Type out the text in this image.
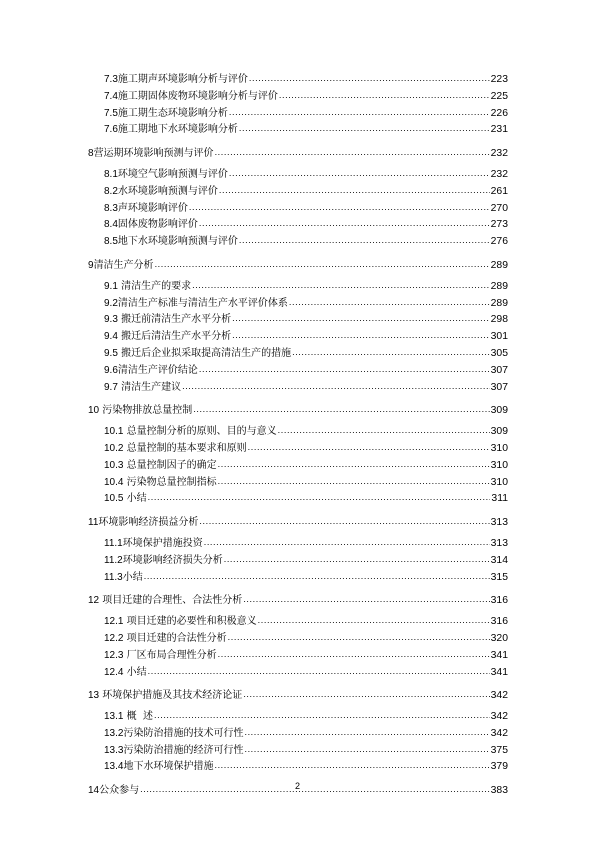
7.3 施工期声环境影响分析与评价 .....	223
7.4 施工期固体废物环境影响分析与评价 .....	225
7.5 施工期生态环境影响分析 .....	226
7.6 施工期地下水环境影响分析 .....	231
8 营运期环境影响预测与评价 .....	232
8.1 环境空气影响预测与评价 .....	232
8.2 水环境影响预测与评价 .....	261
8.3 声环境影响评价 .....	270
8.4 固体废物影响评价 .....	273
8.5 地下水环境影响预测与评价 .....	276
9 清洁生产分析 .....	289
9.1 清洁生产的要求 .....	289
9.2 清洁生产标准与清洁生产水平评价体系 .....	289
9.3 搬迁前清洁生产水平分析 .....	298
9.4 搬迁后清洁生产水平分析 .....	301
9.5 搬迁后企业拟采取提高清洁生产的措施 .....	305
9.6 清洁生产评价结论 .....	307
9.7 清洁生产建议 .....	307
10 污染物排放总量控制 .....	309
10.1 总量控制分析的原则、目的与意义 .....	309
10.2 总量控制的基本要求和原则 .....	310
10.3 总量控制因子的确定 .....	310
10.4 污染物总量控制指标 .....	310
10.5 小结 .....	311
11 环境影响经济损益分析 .....	313
11.1 环境保护措施投资 .....	313
11.2 环境影响经济损失分析 .....	314
11.3 小结 .....	315
12 项目迁建的合理性、合法性分析 .....	316
12.1 项目迁建的必要性和积极意义 .....	316
12.2 项目迁建的合法性分析 .....	320
12.3 厂区布局合理性分析 .....	341
12.4 小结 .....	341
13 环境保护措施及其技术经济论证 .....	342
13.1 概  述 .....	342
13.2 污染防治措施的技术可行性 .....	342
13.3 污染防治措施的经济可行性 .....	375
13.4 地下水环境保护措施 .....	379
14 公众参与 .....	383
2
